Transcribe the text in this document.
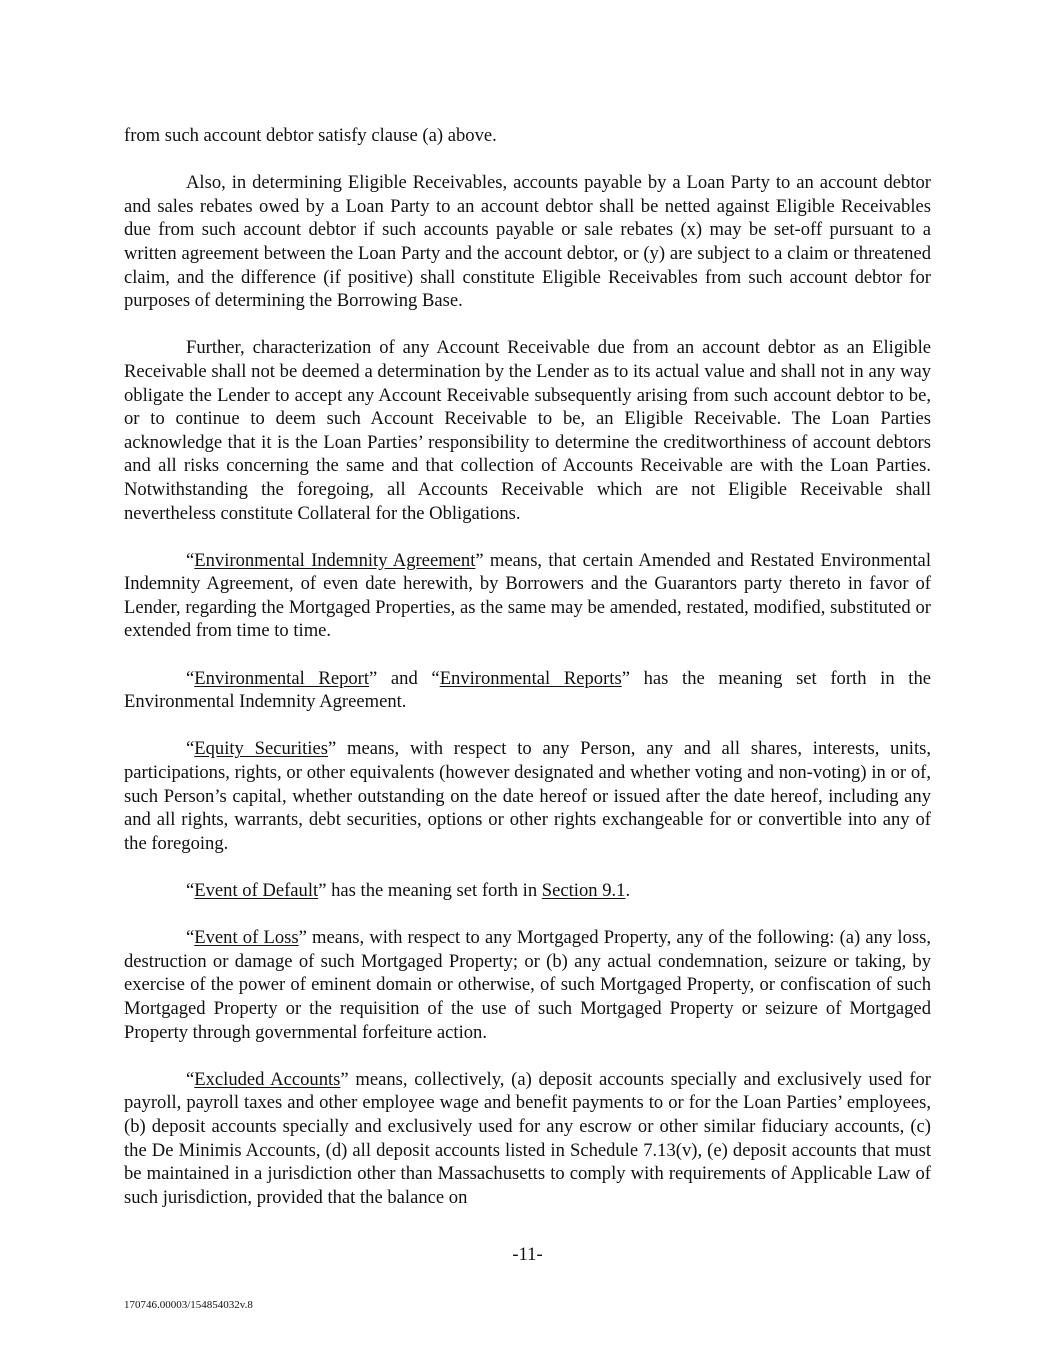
from such account debtor satisfy clause (a) above.

Also, in determining Eligible Receivables, accounts payable by a Loan Party to an account debtor and sales rebates owed by a Loan Party to an account debtor shall be netted against Eligible Receivables due from such account debtor if such accounts payable or sale rebates (x) may be set-off pursuant to a written agreement between the Loan Party and the account debtor, or (y) are subject to a claim or threatened claim, and the difference (if positive) shall constitute Eligible Receivables from such account debtor for purposes of determining the Borrowing Base.

Further, characterization of any Account Receivable due from an account debtor as an Eligible Receivable shall not be deemed a determination by the Lender as to its actual value and shall not in any way obligate the Lender to accept any Account Receivable subsequently arising from such account debtor to be, or to continue to deem such Account Receivable to be, an Eligible Receivable. The Loan Parties acknowledge that it is the Loan Parties’ responsibility to determine the creditworthiness of account debtors and all risks concerning the same and that collection of Accounts Receivable are with the Loan Parties. Notwithstanding the foregoing, all Accounts Receivable which are not Eligible Receivable shall nevertheless constitute Collateral for the Obligations.

“Environmental Indemnity Agreement” means, that certain Amended and Restated Environmental Indemnity Agreement, of even date herewith, by Borrowers and the Guarantors party thereto in favor of Lender, regarding the Mortgaged Properties, as the same may be amended, restated, modified, substituted or extended from time to time.

“Environmental Report” and “Environmental Reports” has the meaning set forth in the Environmental Indemnity Agreement.

“Equity Securities” means, with respect to any Person, any and all shares, interests, units, participations, rights, or other equivalents (however designated and whether voting and non-voting) in or of, such Person’s capital, whether outstanding on the date hereof or issued after the date hereof, including any and all rights, warrants, debt securities, options or other rights exchangeable for or convertible into any of the foregoing.

“Event of Default” has the meaning set forth in Section 9.1.

“Event of Loss” means, with respect to any Mortgaged Property, any of the following: (a) any loss, destruction or damage of such Mortgaged Property; or (b) any actual condemnation, seizure or taking, by exercise of the power of eminent domain or otherwise, of such Mortgaged Property, or confiscation of such Mortgaged Property or the requisition of the use of such Mortgaged Property or seizure of Mortgaged Property through governmental forfeiture action.

“Excluded Accounts” means, collectively, (a) deposit accounts specially and exclusively used for payroll, payroll taxes and other employee wage and benefit payments to or for the Loan Parties’ employees, (b) deposit accounts specially and exclusively used for any escrow or other similar fiduciary accounts, (c) the De Minimis Accounts, (d) all deposit accounts listed in Schedule 7.13(v), (e) deposit accounts that must be maintained in a jurisdiction other than Massachusetts to comply with requirements of Applicable Law of such jurisdiction, provided that the balance on

-11-
170746.00003/154854032v.8
